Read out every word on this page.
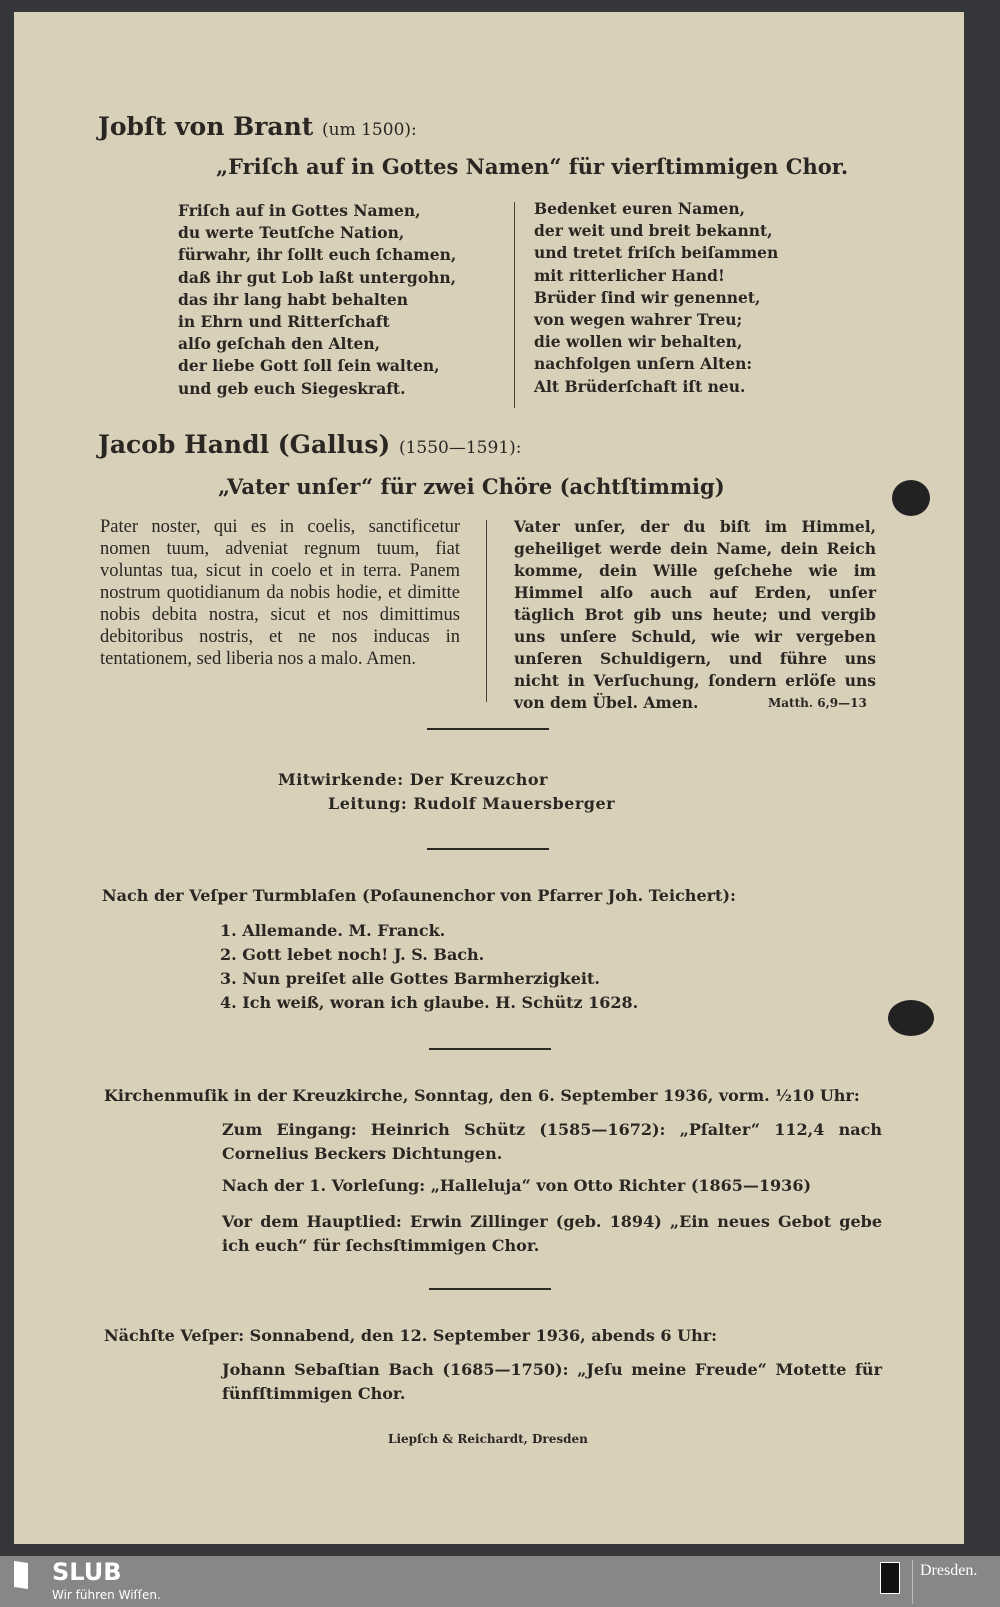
Jobſt von Brant (um 1500):
„Friſch auf in Gottes Namen“ für vierſtimmigen Chor.
Friſch auf in Gottes Namen,
du werte Teutſche Nation,
fürwahr, ihr ſollt euch ſchamen,
daß ihr gut Lob laßt untergohn,
das ihr lang habt behalten
in Ehrn und Ritterſchaft
alſo geſchah den Alten,
der liebe Gott ſoll ſein walten,
und geb euch Siegeskraft.
Bedenket euren Namen,
der weit und breit bekannt,
und tretet friſch beiſammen
mit ritterlicher Hand!
Brüder ſind wir genennet,
von wegen wahrer Treu;
die wollen wir behalten,
nachfolgen unſern Alten:
Alt Brüderſchaft iſt neu.
Jacob Handl (Gallus) (1550—1591):
„Vater unſer“ für zwei Chöre (achtſtimmig)
Pater noster, qui es in coelis, sanctificetur nomen tuum, adveniat regnum tuum, fiat voluntas tua, sicut in coelo et in terra. Panem nostrum quotidianum da nobis hodie, et dimitte nobis debita nostra, sicut et nos dimittimus debitoribus nostris, et ne nos inducas in tentationem, sed liberia nos a malo. Amen.
Vater unſer, der du biſt im Himmel, geheiliget werde dein Name, dein Reich komme, dein Wille geſchehe wie im Himmel alſo auch auf Erden, unſer täglich Brot gib uns heute; und vergib uns unſere Schuld, wie wir vergeben unſeren Schuldigern, und führe uns nicht in Verſuchung, ſondern erlöſe uns von dem Übel. Amen.	Matth. 6,9—13
Mitwirkende: Der Kreuzchor
Leitung: Rudolf Mauersberger
Nach der Veſper Turmblaſen (Poſaunenchor von Pfarrer Joh. Teichert):
1. Allemande. M. Franck.
2. Gott lebet noch! J. S. Bach.
3. Nun preiſet alle Gottes Barmherzigkeit.
4. Ich weiß, woran ich glaube. H. Schütz 1628.
Kirchenmuſik in der Kreuzkirche, Sonntag, den 6. September 1936, vorm. ½10 Uhr:
Zum Eingang: Heinrich Schütz (1585—1672): „Pſalter“ 112,4 nach Cornelius Beckers Dichtungen.
Nach der 1. Vorleſung: „Halleluja“ von Otto Richter (1865—1936)
Vor dem Hauptlied: Erwin Zillinger (geb. 1894) „Ein neues Gebot gebe ich euch“ für ſechsſtimmigen Chor.
Nächſte Veſper: Sonnabend, den 12. September 1936, abends 6 Uhr:
Johann Sebaſtian Bach (1685—1750): „Jeſu meine Freude“ Motette für fünfſtimmigen Chor.
Liepſch & Reichardt, Dresden
SLUB
Wir führen Wiſſen.
Dresden.
